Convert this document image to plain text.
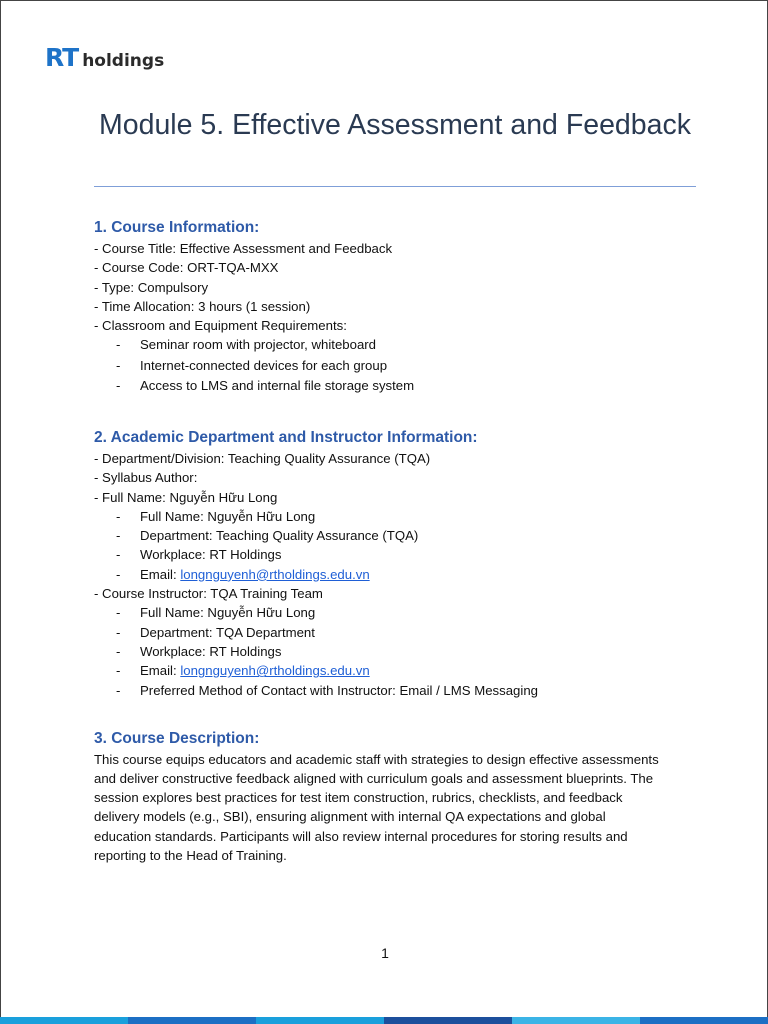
RT holdings
Module 5. Effective Assessment and Feedback
1. Course Information:
- Course Title: Effective Assessment and Feedback
- Course Code: ORT-TQA-MXX
- Type: Compulsory
- Time Allocation: 3 hours (1 session)
- Classroom and Equipment Requirements:
- Seminar room with projector, whiteboard
- Internet-connected devices for each group
- Access to LMS and internal file storage system
2. Academic Department and Instructor Information:
- Department/Division: Teaching Quality Assurance (TQA)
- Syllabus Author:
- Full Name: Nguyễn Hữu Long
- Full Name: Nguyễn Hữu Long
- Department: Teaching Quality Assurance (TQA)
- Workplace: RT Holdings
- Email: longnguyenh@rtholdings.edu.vn
- Course Instructor: TQA Training Team
- Full Name: Nguyễn Hữu Long
- Department: TQA Department
- Workplace: RT Holdings
- Email: longnguyenh@rtholdings.edu.vn
- Preferred Method of Contact with Instructor: Email / LMS Messaging
3. Course Description:
This course equips educators and academic staff with strategies to design effective assessments
and deliver constructive feedback aligned with curriculum goals and assessment blueprints. The
session explores best practices for test item construction, rubrics, checklists, and feedback
delivery models (e.g., SBI), ensuring alignment with internal QA expectations and global
education standards. Participants will also review internal procedures for storing results and
reporting to the Head of Training.
1
